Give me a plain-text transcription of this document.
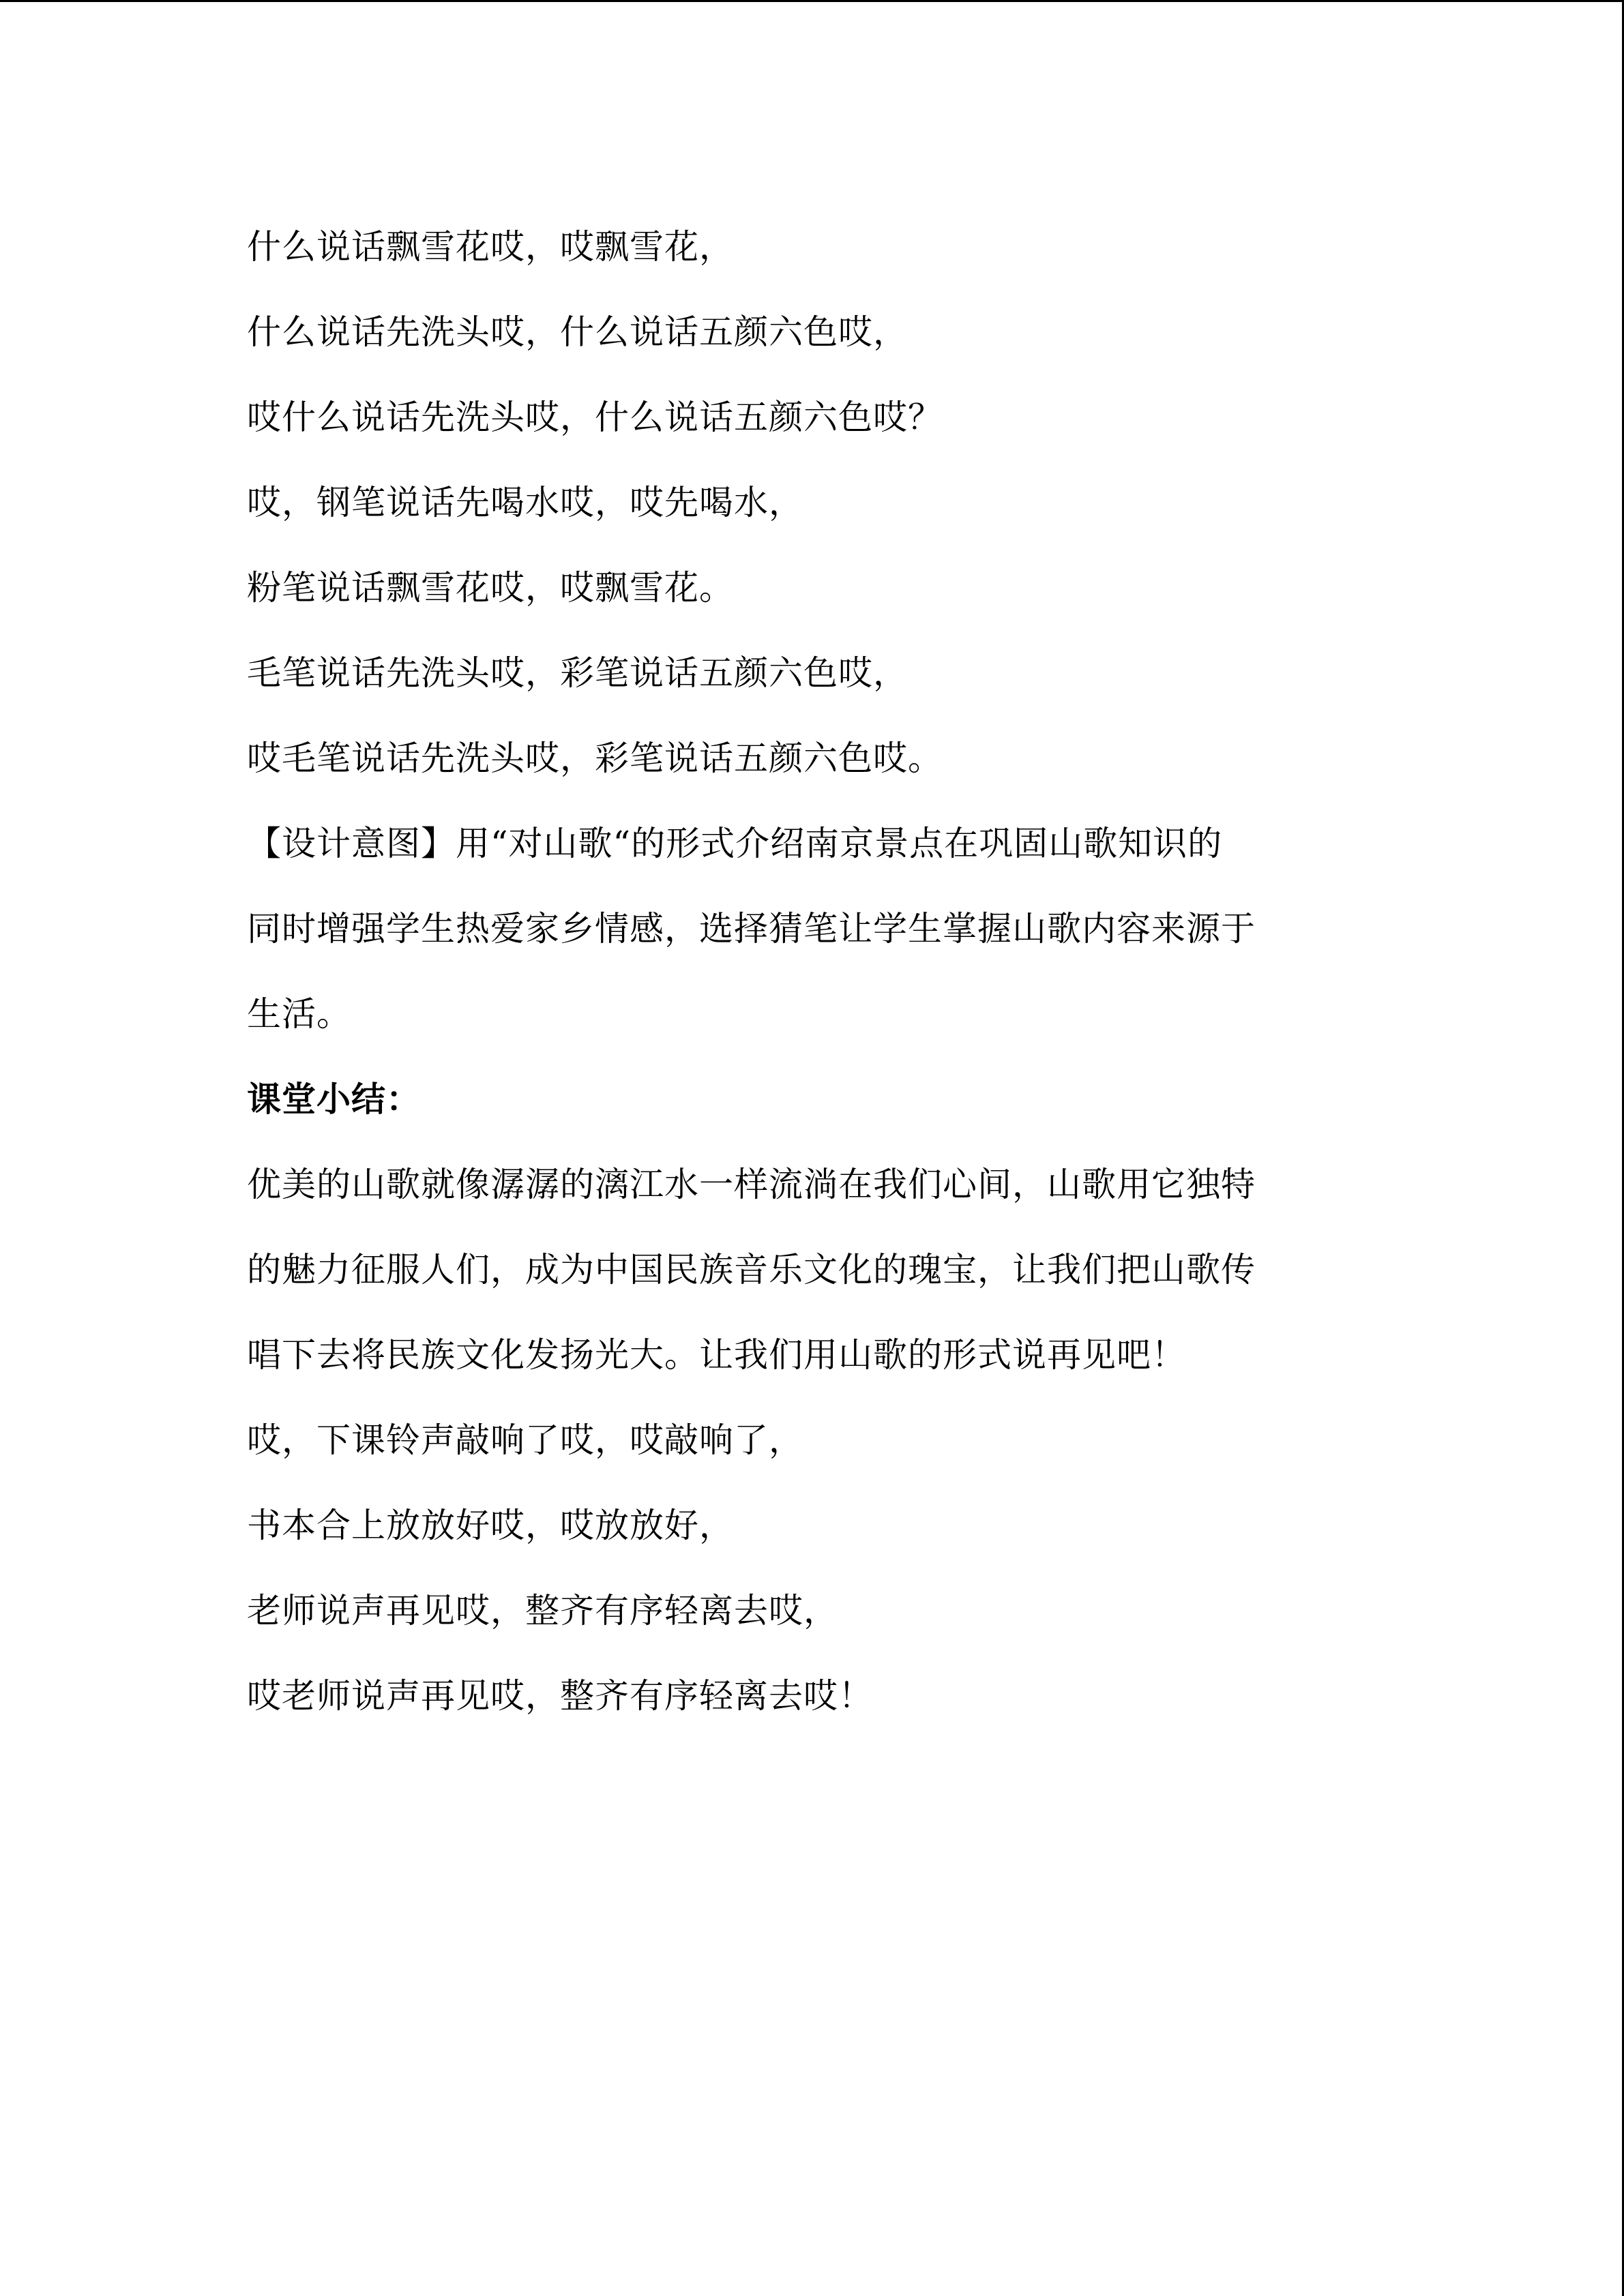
什么说话飘雪花哎，哎飘雪花，
什么说话先洗头哎，什么说话五颜六色哎，
哎什么说话先洗头哎，什么说话五颜六色哎？
哎，钢笔说话先喝水哎，哎先喝水，
粉笔说话飘雪花哎，哎飘雪花。
毛笔说话先洗头哎，彩笔说话五颜六色哎，
哎毛笔说话先洗头哎，彩笔说话五颜六色哎。
【设计意图】用“对山歌“的形式介绍南京景点在巩固山歌知识的
同时增强学生热爱家乡情感，选择猜笔让学生掌握山歌内容来源于
生活。
课堂小结：
优美的山歌就像潺潺的漓江水一样流淌在我们心间，山歌用它独特
的魅力征服人们，成为中国民族音乐文化的瑰宝，让我们把山歌传
唱下去将民族文化发扬光大。让我们用山歌的形式说再见吧！
哎，下课铃声敲响了哎，哎敲响了，
书本合上放放好哎，哎放放好，
老师说声再见哎，整齐有序轻离去哎，
哎老师说声再见哎，整齐有序轻离去哎！
